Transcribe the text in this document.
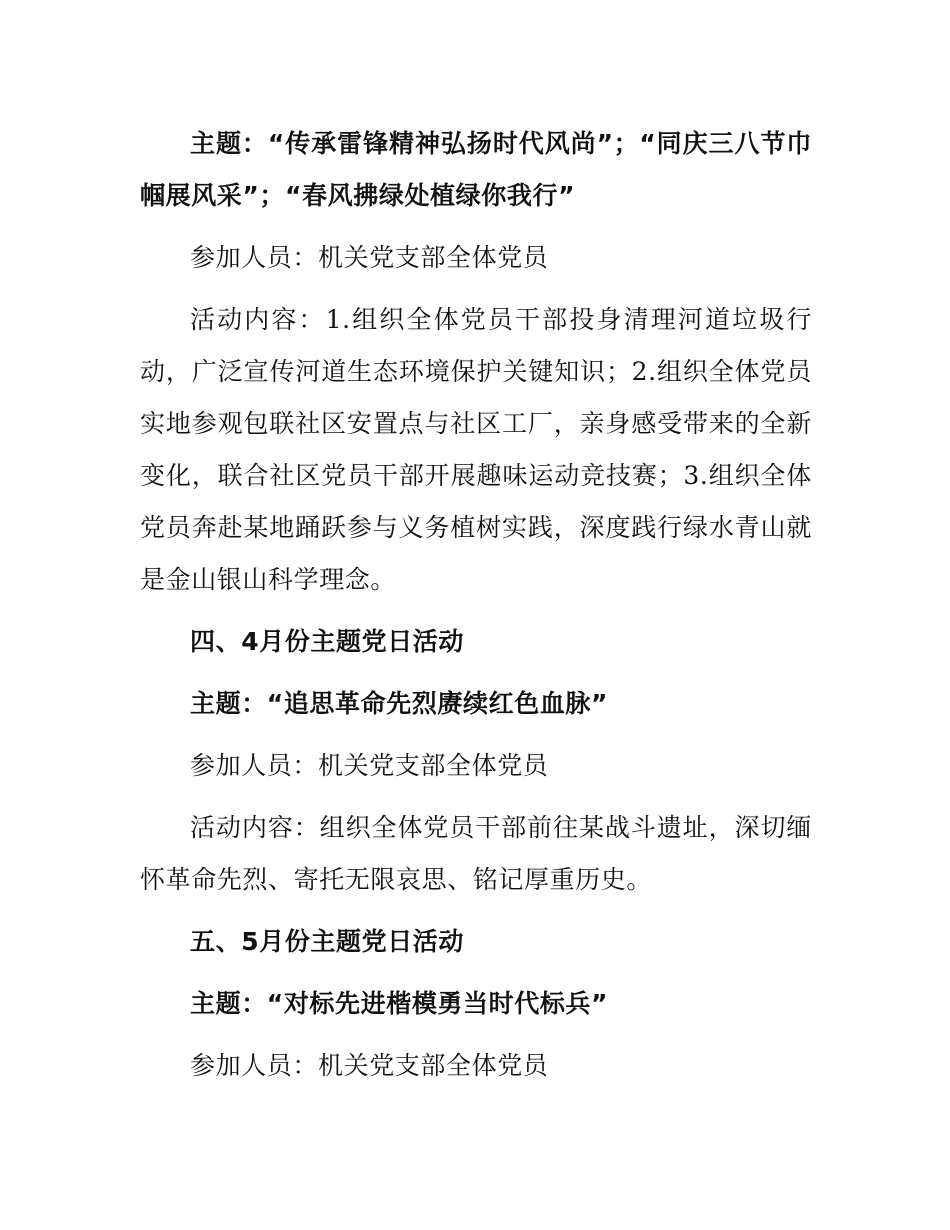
主题：“传承雷锋精神弘扬时代风尚”；“同庆三八节巾帼展风采”；“春风拂绿处植绿你我行”

参加人员：机关党支部全体党员

活动内容：1.组织全体党员干部投身清理河道垃圾行动，广泛宣传河道生态环境保护关键知识；2.组织全体党员实地参观包联社区安置点与社区工厂，亲身感受带来的全新变化，联合社区党员干部开展趣味运动竞技赛；3.组织全体党员奔赴某地踊跃参与义务植树实践，深度践行绿水青山就是金山银山科学理念。

四、4月份主题党日活动

主题：“追思革命先烈赓续红色血脉”

参加人员：机关党支部全体党员

活动内容：组织全体党员干部前往某战斗遗址，深切缅怀革命先烈、寄托无限哀思、铭记厚重历史。

五、5月份主题党日活动

主题：“对标先进楷模勇当时代标兵”

参加人员：机关党支部全体党员
